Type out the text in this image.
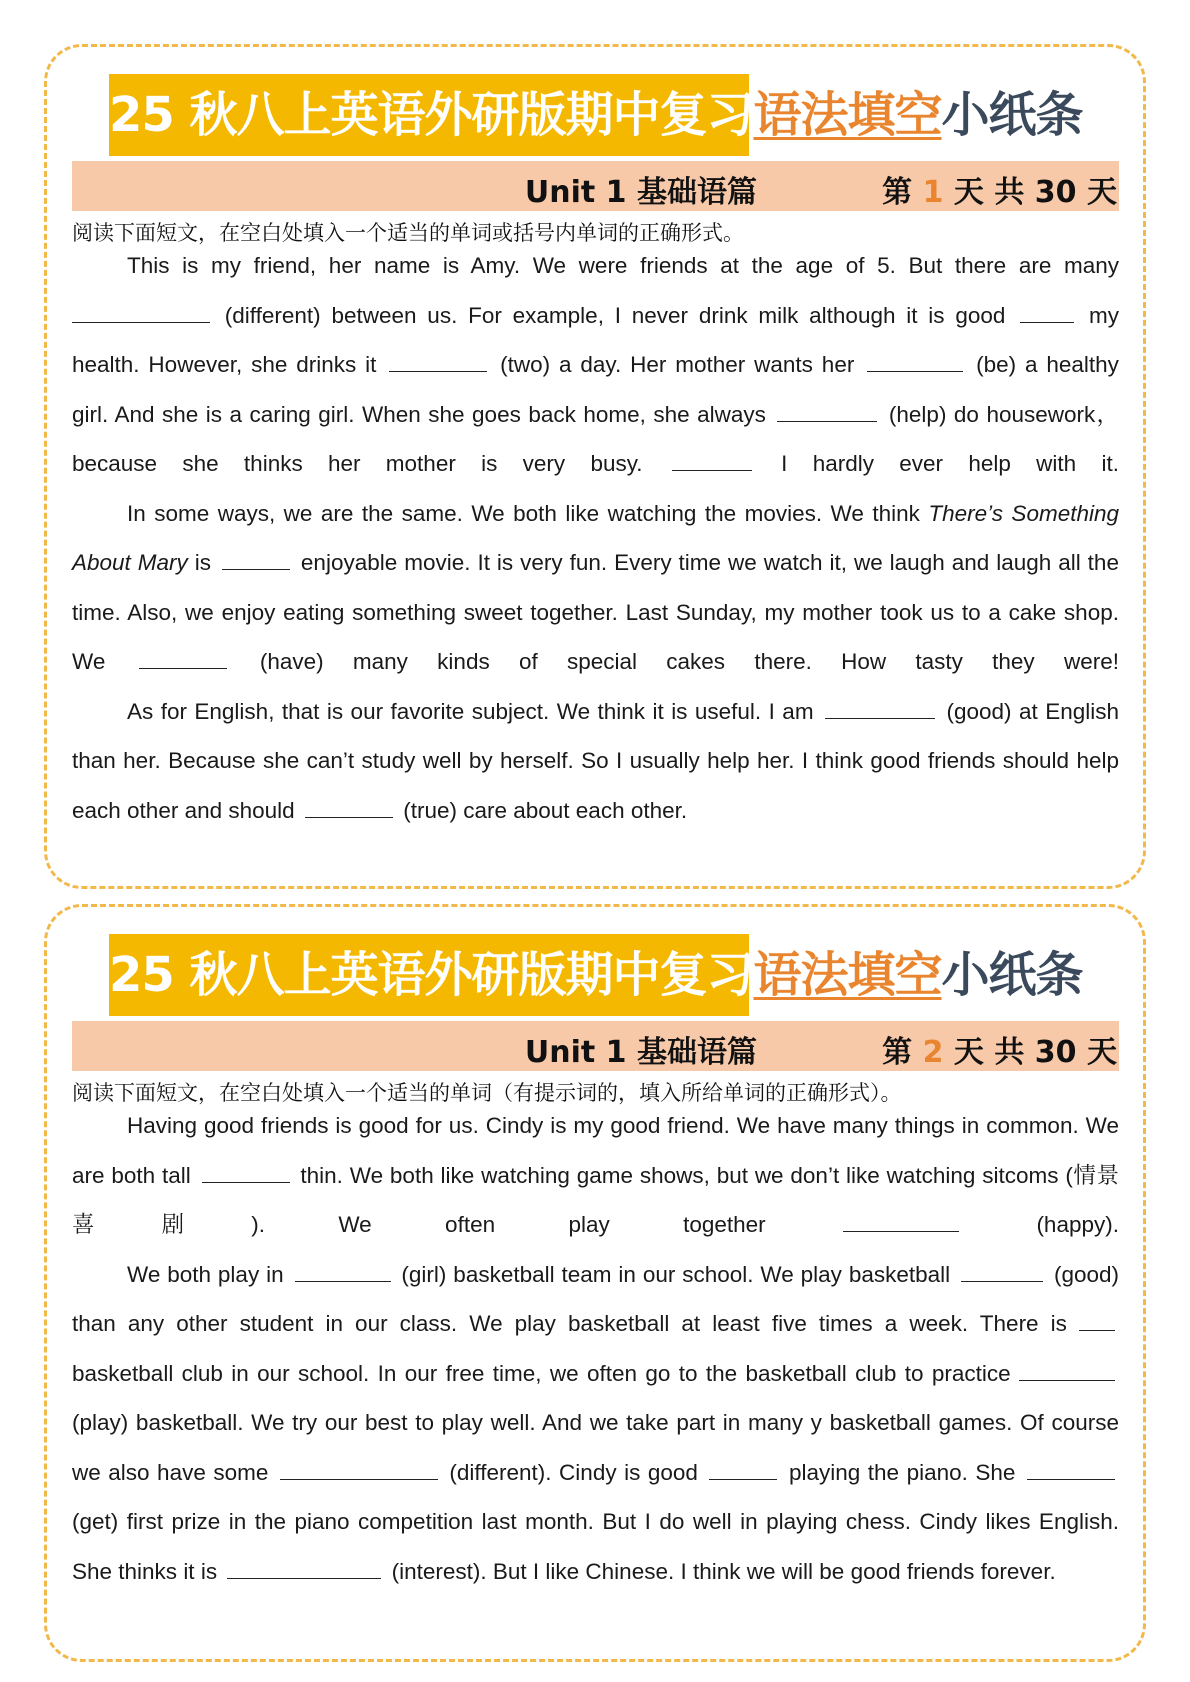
25 秋八上英语外研版期中复习语法填空小纸条
Unit 1 基础语篇	第 1 天 共 30 天
阅读下面短文，在空白处填入一个适当的单词或括号内单词的正确形式。

This is my friend, her name is Amy. We were friends at the age of 5. But there are many  (different) between us. For example, I never drink milk although it is good	my health. However, she drinks it	(two) a day. Her mother wants her	(be) a healthy girl. And she is a caring girl. When she goes back home, she always	(help) do housework，because she thinks her mother is very busy.	I hardly ever help with it.

In some ways, we are the same. We both like watching the movies. We think There’s Something About Mary is	enjoyable movie. It is very fun. Every time we watch it, we laugh and laugh all the time. Also, we enjoy eating something sweet together. Last Sunday, my mother took us to a cake shop. We	(have) many kinds of special cakes there. How tasty they were!

As for English, that is our favorite subject. We think it is useful. I am	(good) at English than her. Because she can’t study well by herself. So I usually help her. I think good friends should help each other and should	(true) care about each other.

25 秋八上英语外研版期中复习语法填空小纸条
Unit 1 基础语篇	第 2 天 共 30 天
阅读下面短文，在空白处填入一个适当的单词（有提示词的，填入所给单词的正确形式）。

Having good friends is good for us. Cindy is my good friend. We have many things in common. We are both tall	thin. We both like watching game shows, but we don’t like watching sitcoms (情景喜剧). We often play together	(happy).

We both play in	(girl) basketball team in our school. We play basketball	(good) than any other student in our class. We play basketball at least five times a week. There is  basketball club in our school. In our free time, we often go to the basketball club to practice  (play) basketball. We try our best to play well. And we take part in many y basketball games. Of course we also have some	(different). Cindy is good	playing the piano. She  (get) first prize in the piano competition last month. But I do well in playing chess. Cindy likes English. She thinks it is	(interest). But I like Chinese. I think we will be good friends forever.
